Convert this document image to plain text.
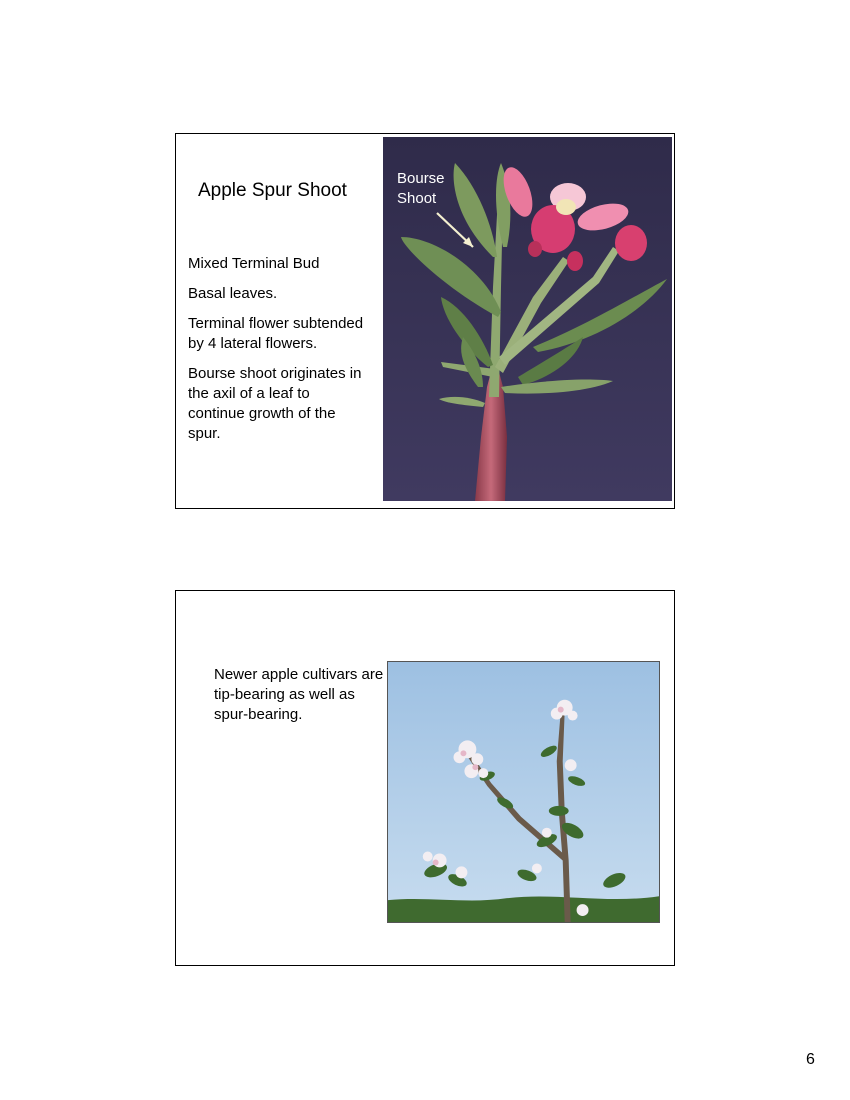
Apple Spur Shoot
Mixed Terminal Bud
Basal leaves.
Terminal flower subtended by 4 lateral flowers.
Bourse shoot originates in the axil of a leaf to continue growth of the spur.
Bourse
Shoot

Newer apple cultivars are tip-bearing as well as spur-bearing.

6
